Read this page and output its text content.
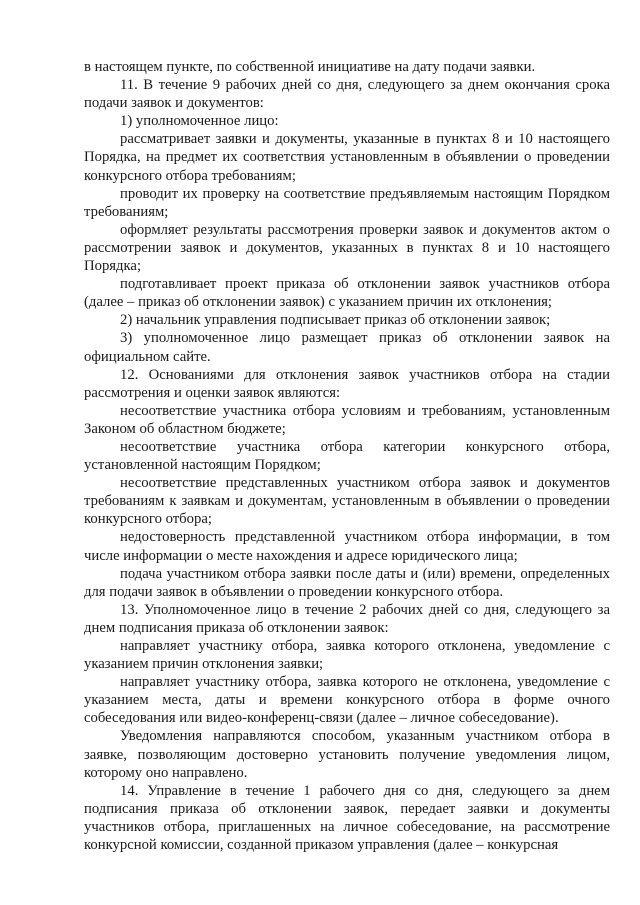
в настоящем пункте, по собственной инициативе на дату подачи заявки.

11. В течение 9 рабочих дней со дня, следующего за днем окончания срока подачи заявок и документов:

1) уполномоченное лицо:

рассматривает заявки и документы, указанные в пунктах 8 и 10 настоящего Порядка, на предмет их соответствия установленным в объявлении о проведении конкурсного отбора требованиям;

проводит их проверку на соответствие предъявляемым настоящим Порядком требованиям;

оформляет результаты рассмотрения проверки заявок и документов актом о рассмотрении заявок и документов, указанных в пунктах 8 и 10 настоящего Порядка;

подготавливает проект приказа об отклонении заявок участников отбора (далее – приказ об отклонении заявок) с указанием причин их отклонения;

2) начальник управления подписывает приказ об отклонении заявок;

3) уполномоченное лицо размещает приказ об отклонении заявок на официальном сайте.

12. Основаниями для отклонения заявок участников отбора на стадии рассмотрения и оценки заявок являются:

несоответствие участника отбора условиям и требованиям, установленным Законом об областном бюджете;

несоответствие участника отбора категории конкурсного отбора, установленной настоящим Порядком;

несоответствие представленных участником отбора заявок и документов требованиям к заявкам и документам, установленным в объявлении о проведении конкурсного отбора;

недостоверность представленной участником отбора информации, в том числе информации о месте нахождения и адресе юридического лица;

подача участником отбора заявки после даты и (или) времени, определенных для подачи заявок в объявлении о проведении конкурсного отбора.

13. Уполномоченное лицо в течение 2 рабочих дней со дня, следующего за днем подписания приказа об отклонении заявок:

направляет участнику отбора, заявка которого отклонена, уведомление с указанием причин отклонения заявки;

направляет участнику отбора, заявка которого не отклонена, уведомление с указанием места, даты и времени конкурсного отбора в форме очного собеседования или видео-конференц-связи (далее – личное собеседование).

Уведомления направляются способом, указанным участником отбора в заявке, позволяющим достоверно установить получение уведомления лицом, которому оно направлено.

14. Управление в течение 1 рабочего дня со дня, следующего за днем подписания приказа об отклонении заявок, передает заявки и документы участников отбора, приглашенных на личное собеседование, на рассмотрение конкурсной комиссии, созданной приказом управления (далее – конкурсная
